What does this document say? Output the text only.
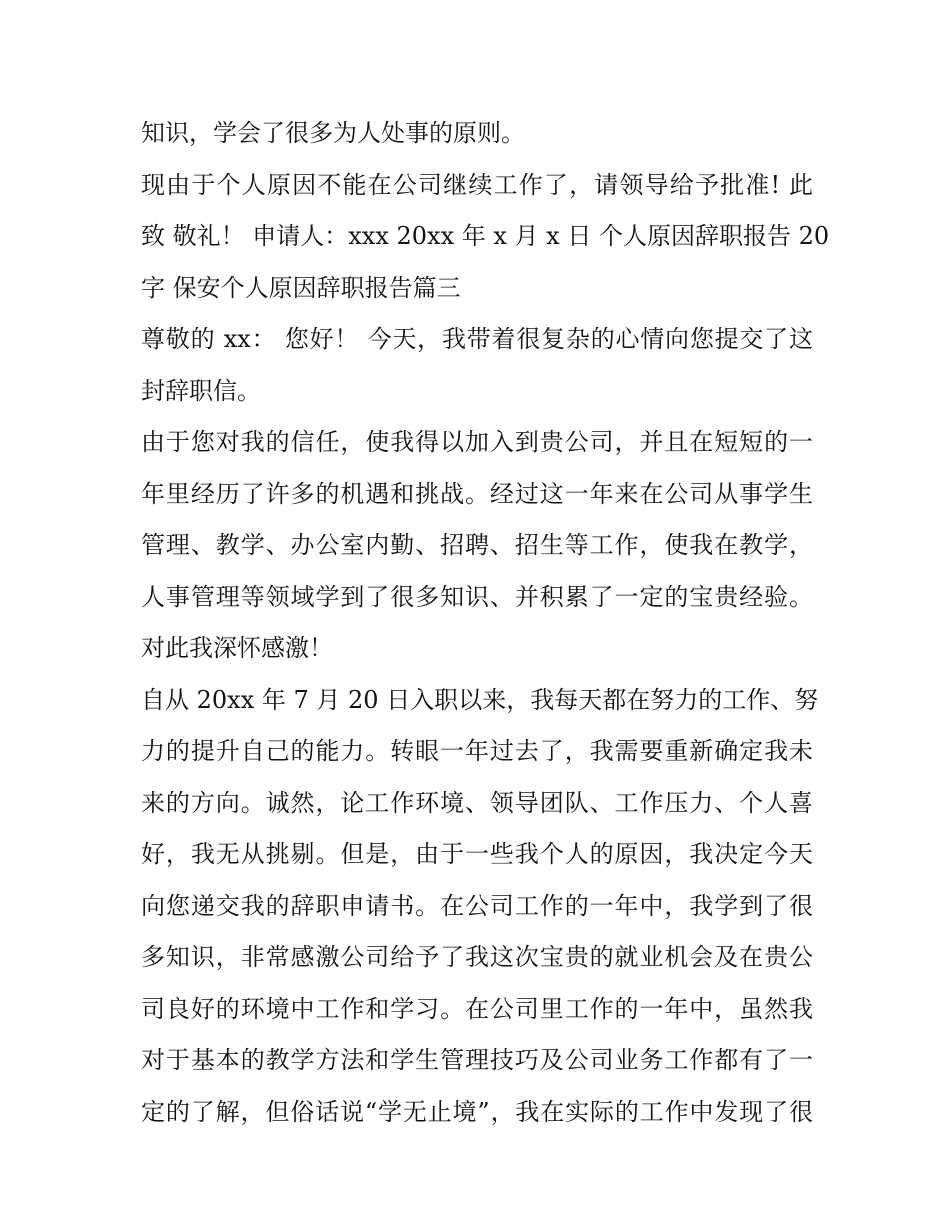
知识，学会了很多为人处事的原则。
现由于个人原因不能在公司继续工作了，请领导给予批准! 此
致 敬礼！ 申请人：xxx 20xx 年 x 月 x 日 个人原因辞职报告 20
字 保安个人原因辞职报告篇三
尊敬的 xx： 您好！ 今天，我带着很复杂的心情向您提交了这
封辞职信。
由于您对我的信任，使我得以加入到贵公司，并且在短短的一
年里经历了许多的机遇和挑战。经过这一年来在公司从事学生
管理、教学、办公室内勤、招聘、招生等工作，使我在教学，
人事管理等领域学到了很多知识、并积累了一定的宝贵经验。
对此我深怀感激！
自从 20xx 年 7 月 20 日入职以来，我每天都在努力的工作、努
力的提升自己的能力。转眼一年过去了，我需要重新确定我未
来的方向。诚然，论工作环境、领导团队、工作压力、个人喜
好，我无从挑剔。但是，由于一些我个人的原因，我决定今天
向您递交我的辞职申请书。在公司工作的一年中，我学到了很
多知识，非常感激公司给予了我这次宝贵的就业机会及在贵公
司良好的环境中工作和学习。在公司里工作的一年中，虽然我
对于基本的教学方法和学生管理技巧及公司业务工作都有了一
定的了解，但俗话说“学无止境”，我在实际的工作中发现了很
